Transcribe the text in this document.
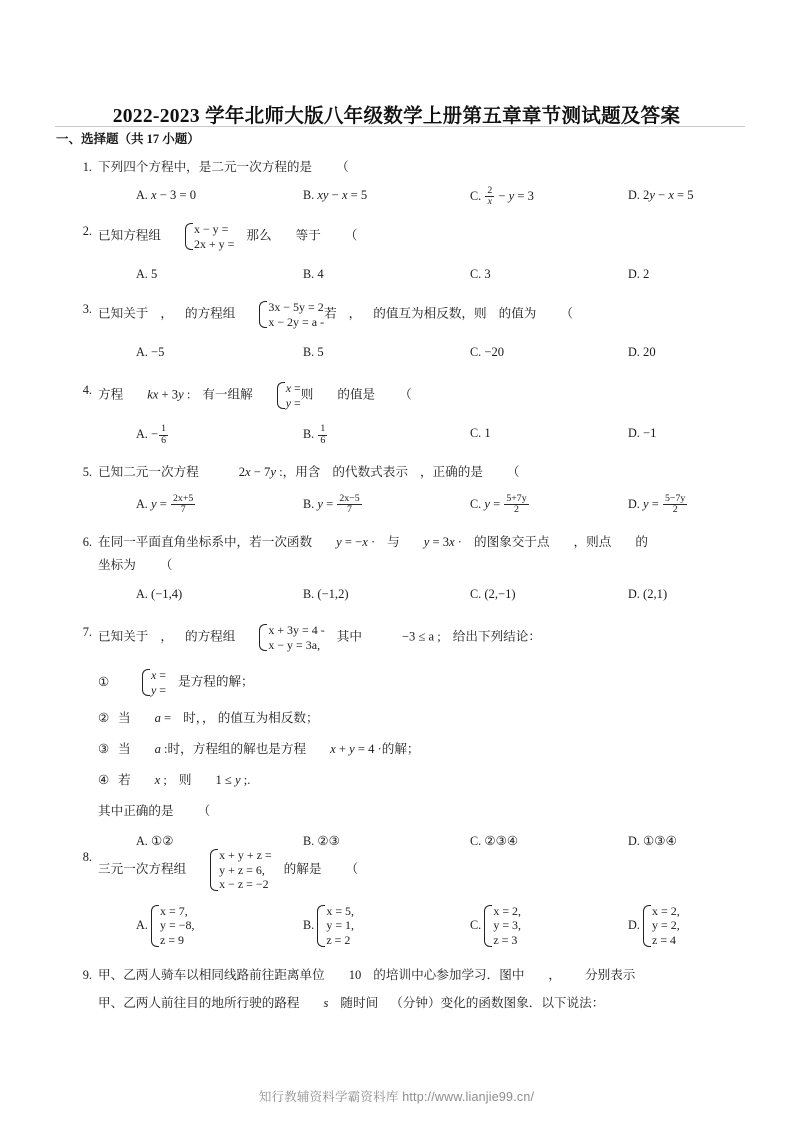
2022-2023 学年北师大版八年级数学上册第五章章节测试题及答案
一、选择题（共 17 小题）
1. 下列四个方程中，是二元一次方程的是 （
A. x − 3 = 0	B. xy − x = 5	C. $\frac{2}{x} - y = 3$	D. 2y − x = 5
2. 已知方程组	x − y =
2x + y =
那么 等于 （
A. 5	B. 4	C. 3	D. 2
3. 已知关于 ， 的方程组	3x − 5y = 2
x − 2y = a -
若 ， 的值互为相反数，则 的值为 （
A. −5	B. 5	C. −20	D. 20
4. 方程 kx + 3y : 有一组解	x =
y =
则 的值是 （
A. − $\frac{1}{6}$	B. $\frac{1}{6}$	C. 1	D. −1
5. 已知二元一次方程	2x − 7y :，用含 的代数式表示 ，正确的是 （
A. $y = \frac{2x+5}{7}$	B. $y = \frac{2x-5}{7}$	C. $y = \frac{5+7y}{2}$	D. $y = \frac{5-7y}{2}$
6. 在同一平面直角坐标系中，若一次函数 y = −x · 与 y = 3x · 的图象交于点 ，则点 的
坐标为 （
A. (−1,4)	B. (−1,2)	C. (2,−1)	D. (2,1)
7. 已知关于 ， 的方程组	x + 3y = 4 -
x − y = 3a,
其中	−3 ≤ a ; 给出下列结论：
①	x =
y =
是方程的解；
② 当 a = 时，， 的值互为相反数；
③ 当 a :时，方程组的解也是方程 x + y = 4 ·的解；
④ 若 x ; 则 1 ≤ y ;.
其中正确的是 （
A. ①②	B. ②③	C. ②③④	D. ①③④
8.
三元一次方程组
x + y + z =
y + z = 6,
x − z = −2
的解是 （
A.
x = 7,
y = −8,
z = 9
B.
x = 5,
y = 1,
z = 2
C.
x = 2,
y = 3,
z = 3
D.
x = 2,
y = 2,
z = 4
9. 甲、乙两人骑车以相同线路前往距离单位 10 的培训中心参加学习．图中 ， 分别表示
甲、乙两人前往目的地所行驶的路程 s 随时间 （分钟）变化的函数图象．以下说法：
知行教辅资料学霸资料库 http://www.lianjie99.cn/
